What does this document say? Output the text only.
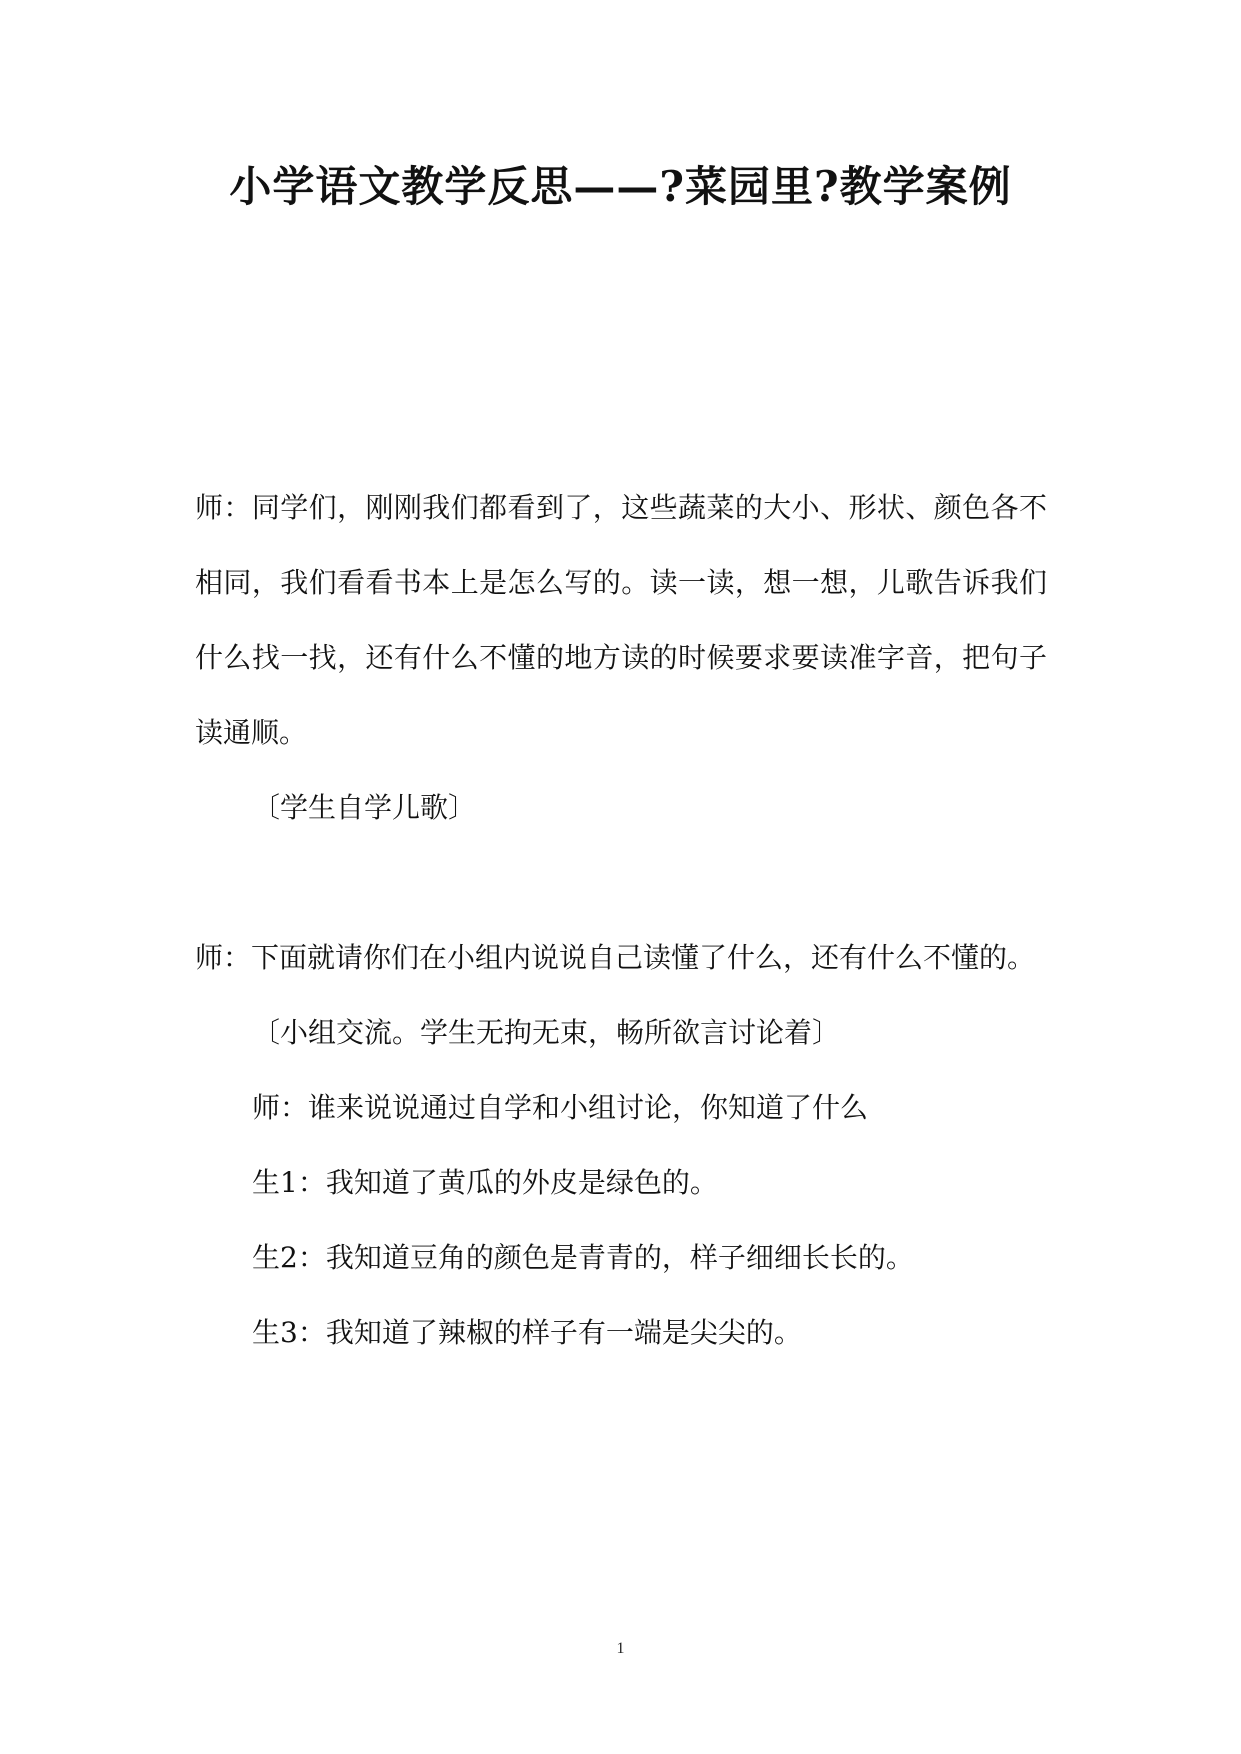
小学语文教学反思——?菜园里?教学案例

师：同学们，刚刚我们都看到了，这些蔬菜的大小、形状、颜色各不相同，我们看看书本上是怎么写的。读一读，想一想，儿歌告诉我们什么找一找，还有什么不懂的地方读的时候要求要读准字音，把句子读通顺。

〔学生自学儿歌〕

师：下面就请你们在小组内说说自己读懂了什么，还有什么不懂的。

〔小组交流。学生无拘无束，畅所欲言讨论着〕

师：谁来说说通过自学和小组讨论，你知道了什么

生1：我知道了黄瓜的外皮是绿色的。

生2：我知道豆角的颜色是青青的，样子细细长长的。

生3：我知道了辣椒的样子有一端是尖尖的。

1
